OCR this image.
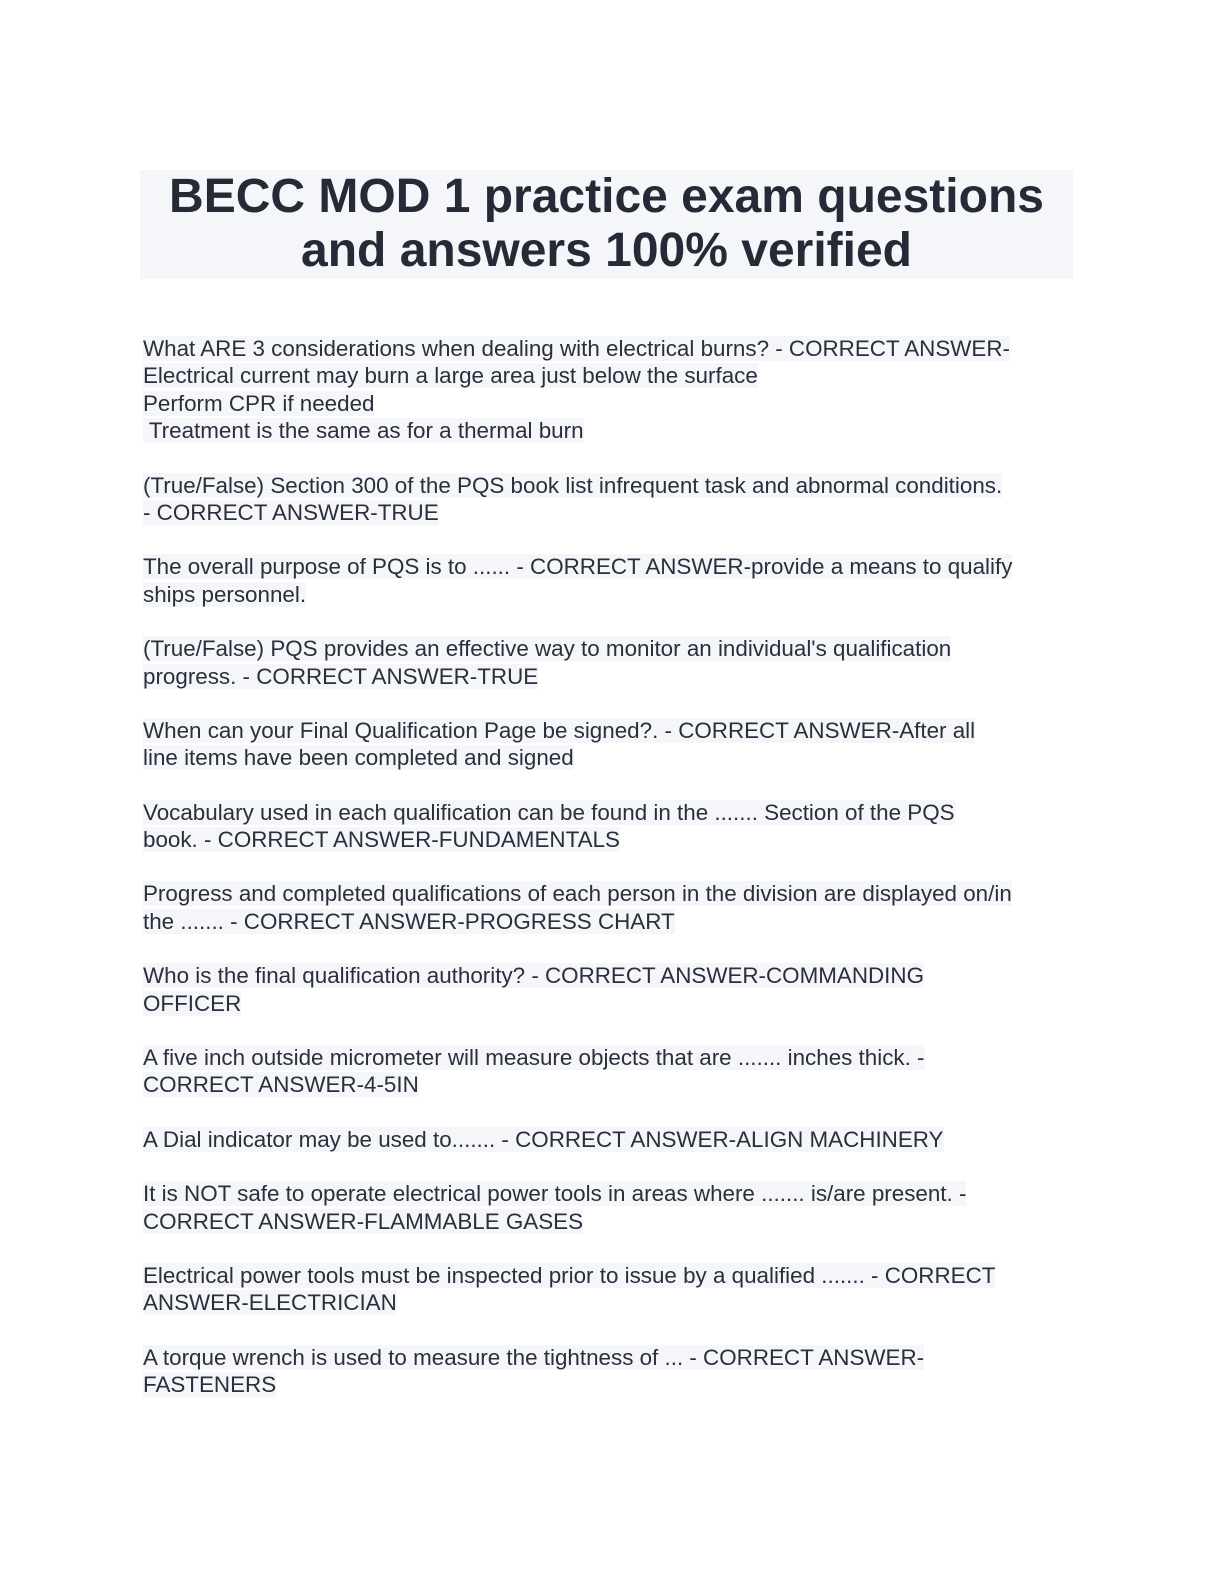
BECC MOD 1 practice exam questions
and answers 100% verified
What ARE 3 considerations when dealing with electrical burns? - CORRECT ANSWER-
Electrical current may burn a large area just below the surface
Perform CPR if needed
Treatment is the same as for a thermal burn
(True/False) Section 300 of the PQS book list infrequent task and abnormal conditions.
- CORRECT ANSWER-TRUE
The overall purpose of PQS is to ...... - CORRECT ANSWER-provide a means to qualify
ships personnel.
(True/False) PQS provides an effective way to monitor an individual's qualification
progress. - CORRECT ANSWER-TRUE
When can your Final Qualification Page be signed?. - CORRECT ANSWER-After all
line items have been completed and signed
Vocabulary used in each qualification can be found in the ....... Section of the PQS
book. - CORRECT ANSWER-FUNDAMENTALS
Progress and completed qualifications of each person in the division are displayed on/in
the ....... - CORRECT ANSWER-PROGRESS CHART
Who is the final qualification authority? - CORRECT ANSWER-COMMANDING
OFFICER
A five inch outside micrometer will measure objects that are ....... inches thick. -
CORRECT ANSWER-4-5IN
A Dial indicator may be used to....... - CORRECT ANSWER-ALIGN MACHINERY
It is NOT safe to operate electrical power tools in areas where ....... is/are present. -
CORRECT ANSWER-FLAMMABLE GASES
Electrical power tools must be inspected prior to issue by a qualified ....... - CORRECT
ANSWER-ELECTRICIAN
A torque wrench is used to measure the tightness of ... - CORRECT ANSWER-
FASTENERS
